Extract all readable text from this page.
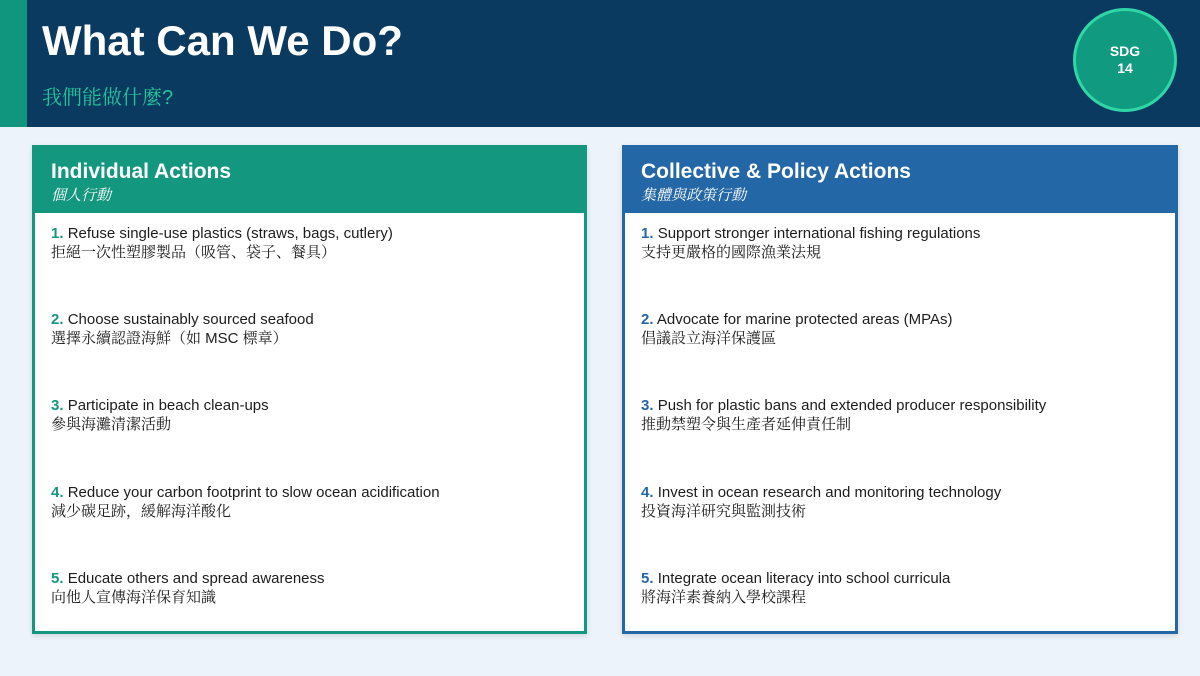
What Can We Do?
我們能做什麼?
SDG
14
Individual Actions
個人行動
1. Refuse single-use plastics (straws, bags, cutlery)
拒絕一次性塑膠製品（吸管、袋子、餐具）
2. Choose sustainably sourced seafood
選擇永續認證海鮮（如 MSC 標章）
3. Participate in beach clean-ups
參與海灘清潔活動
4. Reduce your carbon footprint to slow ocean acidification
減少碳足跡，緩解海洋酸化
5. Educate others and spread awareness
向他人宣傳海洋保育知識
Collective & Policy Actions
集體與政策行動
1. Support stronger international fishing regulations
支持更嚴格的國際漁業法規
2. Advocate for marine protected areas (MPAs)
倡議設立海洋保護區
3. Push for plastic bans and extended producer responsibility
推動禁塑令與生產者延伸責任制
4. Invest in ocean research and monitoring technology
投資海洋研究與監測技術
5. Integrate ocean literacy into school curricula
將海洋素養納入學校課程
